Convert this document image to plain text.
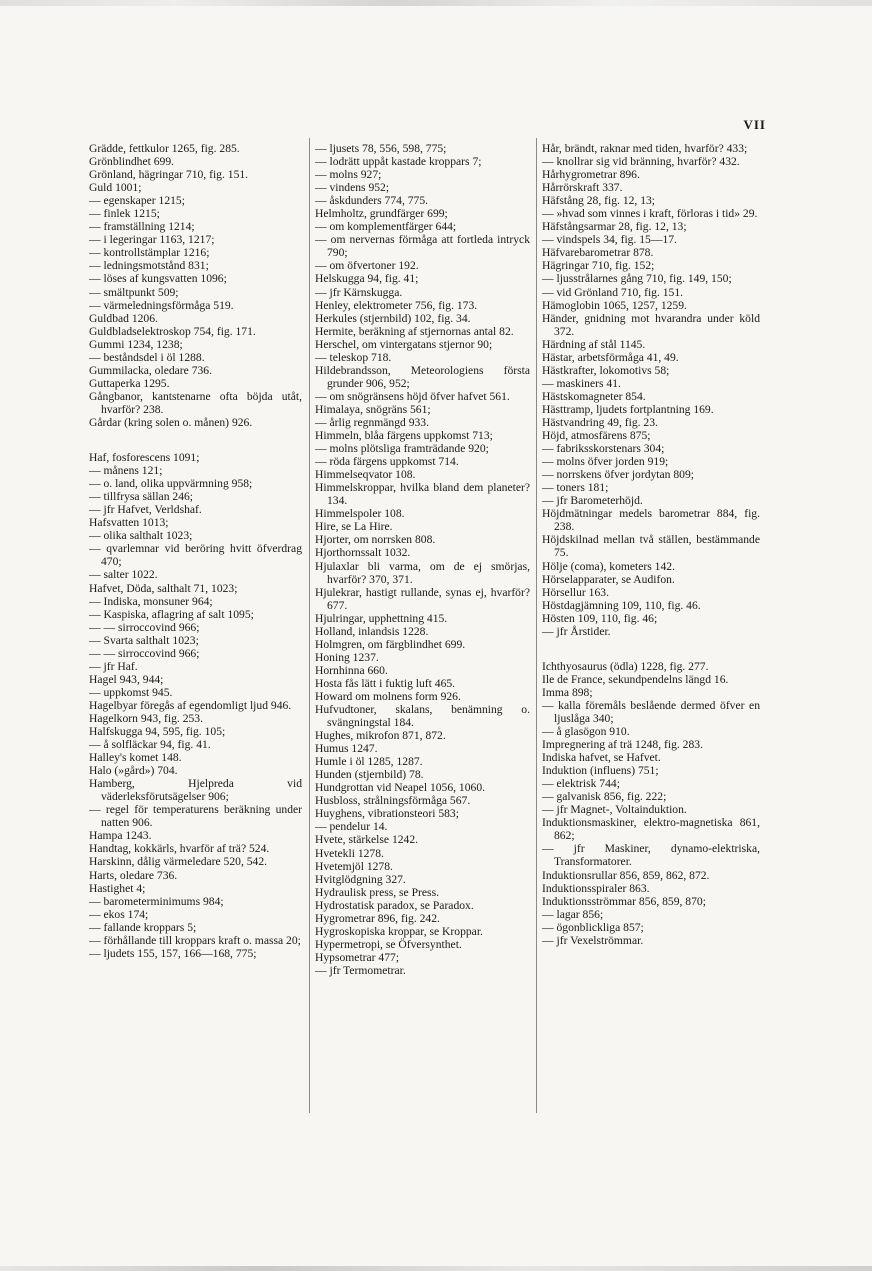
VII
Grädde, fettkulor 1265, fig. 285.
Grönblindhet 699.
Grönland, hägringar 710, fig. 151.
Guld 1001;
— egenskaper 1215;
— finlek 1215;
— framställning 1214;
— i legeringar 1163, 1217;
— kontrollstämplar 1216;
— ledningsmotstånd 831;
— löses af kungsvatten 1096;
— smältpunkt 509;
— värmeledningsförmåga 519.
Guldbad 1206.
Guldbladselektroskop 754, fig. 171.
Gummi 1234, 1238;
— beståndsdel i öl 1288.
Gummilacka, oledare 736.
Guttaperka 1295.
Gångbanor, kantstenarne ofta böjda utåt, hvarför? 238.
Gårdar (kring solen o. månen) 926.
Haf, fosforescens 1091;
— månens 121;
— o. land, olika uppvärmning 958;
— tillfrysa sällan 246;
— jfr Hafvet, Verldshaf.
Hafsvatten 1013;
— olika salthalt 1023;
— qvarlemnar vid beröring hvitt öfverdrag 470;
— salter 1022.
Hafvet, Döda, salthalt 71, 1023;
— Indiska, monsuner 964;
— Kaspiska, aflagring af salt 1095;
— — sirroccovind 966;
— Svarta salthalt 1023;
— — sirroccovind 966;
— jfr Haf.
Hagel 943, 944;
— uppkomst 945.
Hagelbyar föregås af egendomligt ljud 946.
Hagelkorn 943, fig. 253.
Halfskugga 94, 595, fig. 105;
— å solfläckar 94, fig. 41.
Halley's komet 148.
Halo (»gård») 704.
Hamberg, Hjelpreda vid väderleksförutsägelser 906;
— regel för temperaturens beräkning under natten 906.
Hampa 1243.
Handtag, kokkärls, hvarför af trä? 524.
Harskinn, dålig värmeledare 520, 542.
Harts, oledare 736.
Hastighet 4;
— barometerminimums 984;
— ekos 174;
— fallande kroppars 5;
— förhållande till kroppars kraft o. massa 20;
— ljudets 155, 157, 166—168, 775;
— ljusets 78, 556, 598, 775;
— lodrätt uppåt kastade kroppars 7;
— molns 927;
— vindens 952;
— åskdunders 774, 775.
Helmholtz, grundfärger 699;
— om komplementfärger 644;
— om nervernas förmåga att fortleda intryck 790;
— om öfvertoner 192.
Helskugga 94, fig. 41;
— jfr Kärnskugga.
Henley, elektrometer 756, fig. 173.
Herkules (stjernbild) 102, fig. 34.
Hermite, beräkning af stjernornas antal 82.
Herschel, om vintergatans stjernor 90;
— teleskop 718.
Hildebrandsson, Meteorologiens första grunder 906, 952;
— om snögränsens höjd öfver hafvet 561.
Himalaya, snögräns 561;
— årlig regnmängd 933.
Himmeln, blåa färgens uppkomst 713;
— molns plötsliga framträdande 920;
— röda färgens uppkomst 714.
Himmelseqvator 108.
Himmelskroppar, hvilka bland dem planeter? 134.
Himmelspoler 108.
Hire, se La Hire.
Hjorter, om norrsken 808.
Hjorthornssalt 1032.
Hjulaxlar bli varma, om de ej smörjas, hvarför? 370, 371.
Hjulekrar, hastigt rullande, synas ej, hvarför? 677.
Hjulringar, upphettning 415.
Holland, inlandsis 1228.
Holmgren, om färgblindhet 699.
Honing 1237.
Hornhinna 660.
Hosta fås lätt i fuktig luft 465.
Howard om molnens form 926.
Hufvudtoner, skalans, benämning o. svängningstal 184.
Hughes, mikrofon 871, 872.
Humus 1247.
Humle i öl 1285, 1287.
Hunden (stjernbild) 78.
Hundgrottan vid Neapel 1056, 1060.
Husbloss, strålningsförmåga 567.
Huyghens, vibrationsteori 583;
— pendelur 14.
Hvete, stärkelse 1242.
Hvetekli 1278.
Hvetemjöl 1278.
Hvitglödgning 327.
Hydraulisk press, se Press.
Hydrostatisk paradox, se Paradox.
Hygrometrar 896, fig. 242.
Hygroskopiska kroppar, se Kroppar.
Hypermetropi, se Öfversynthet.
Hypsometrar 477;
— jfr Termometrar.
Hår, brändt, raknar med tiden, hvarför? 433;
— knollrar sig vid bränning, hvarför? 432.
Hårhygrometrar 896.
Hårrörskraft 337.
Häfstång 28, fig. 12, 13;
— »hvad som vinnes i kraft, förloras i tid» 29.
Häfstångsarmar 28, fig. 12, 13;
— vindspels 34, fig. 15—17.
Häfvarebarometrar 878.
Hägringar 710, fig. 152;
— ljusstrålarnes gång 710, fig. 149, 150;
— vid Grönland 710, fig. 151.
Hämoglobin 1065, 1257, 1259.
Händer, gnidning mot hvarandra under köld 372.
Härdning af stål 1145.
Hästar, arbetsförmåga 41, 49.
Hästkrafter, lokomotivs 58;
— maskiners 41.
Hästskomagneter 854.
Hästtramp, ljudets fortplantning 169.
Hästvandring 49, fig. 23.
Höjd, atmosfärens 875;
— fabriksskorstenars 304;
— molns öfver jorden 919;
— norrskens öfver jordytan 809;
— toners 181;
— jfr Barometerhöjd.
Höjdmätningar medels barometrar 884, fig. 238.
Höjdskilnad mellan två ställen, bestämmande 75.
Hölje (coma), kometers 142.
Hörselapparater, se Audifon.
Hörsellur 163.
Höstdagjämning 109, 110, fig. 46.
Hösten 109, 110, fig. 46;
— jfr Årstider.
Ichthyosaurus (ödla) 1228, fig. 277.
Ile de France, sekundpendelns längd 16.
Imma 898;
— kalla föremåls beslående dermed öfver en ljuslåga 340;
— å glasögon 910.
Impregnering af trä 1248, fig. 283.
Indiska hafvet, se Hafvet.
Induktion (influens) 751;
— elektrisk 744;
— galvanisk 856, fig. 222;
— jfr Magnet-, Voltainduktion.
Induktionsmaskiner, elektro-magnetiska 861, 862;
— jfr Maskiner, dynamo-elektriska, Transformatorer.
Induktionsrullar 856, 859, 862, 872.
Induktionsspiraler 863.
Induktionsströmmar 856, 859, 870;
— lagar 856;
— ögonblickliga 857;
— jfr Vexelströmmar.
